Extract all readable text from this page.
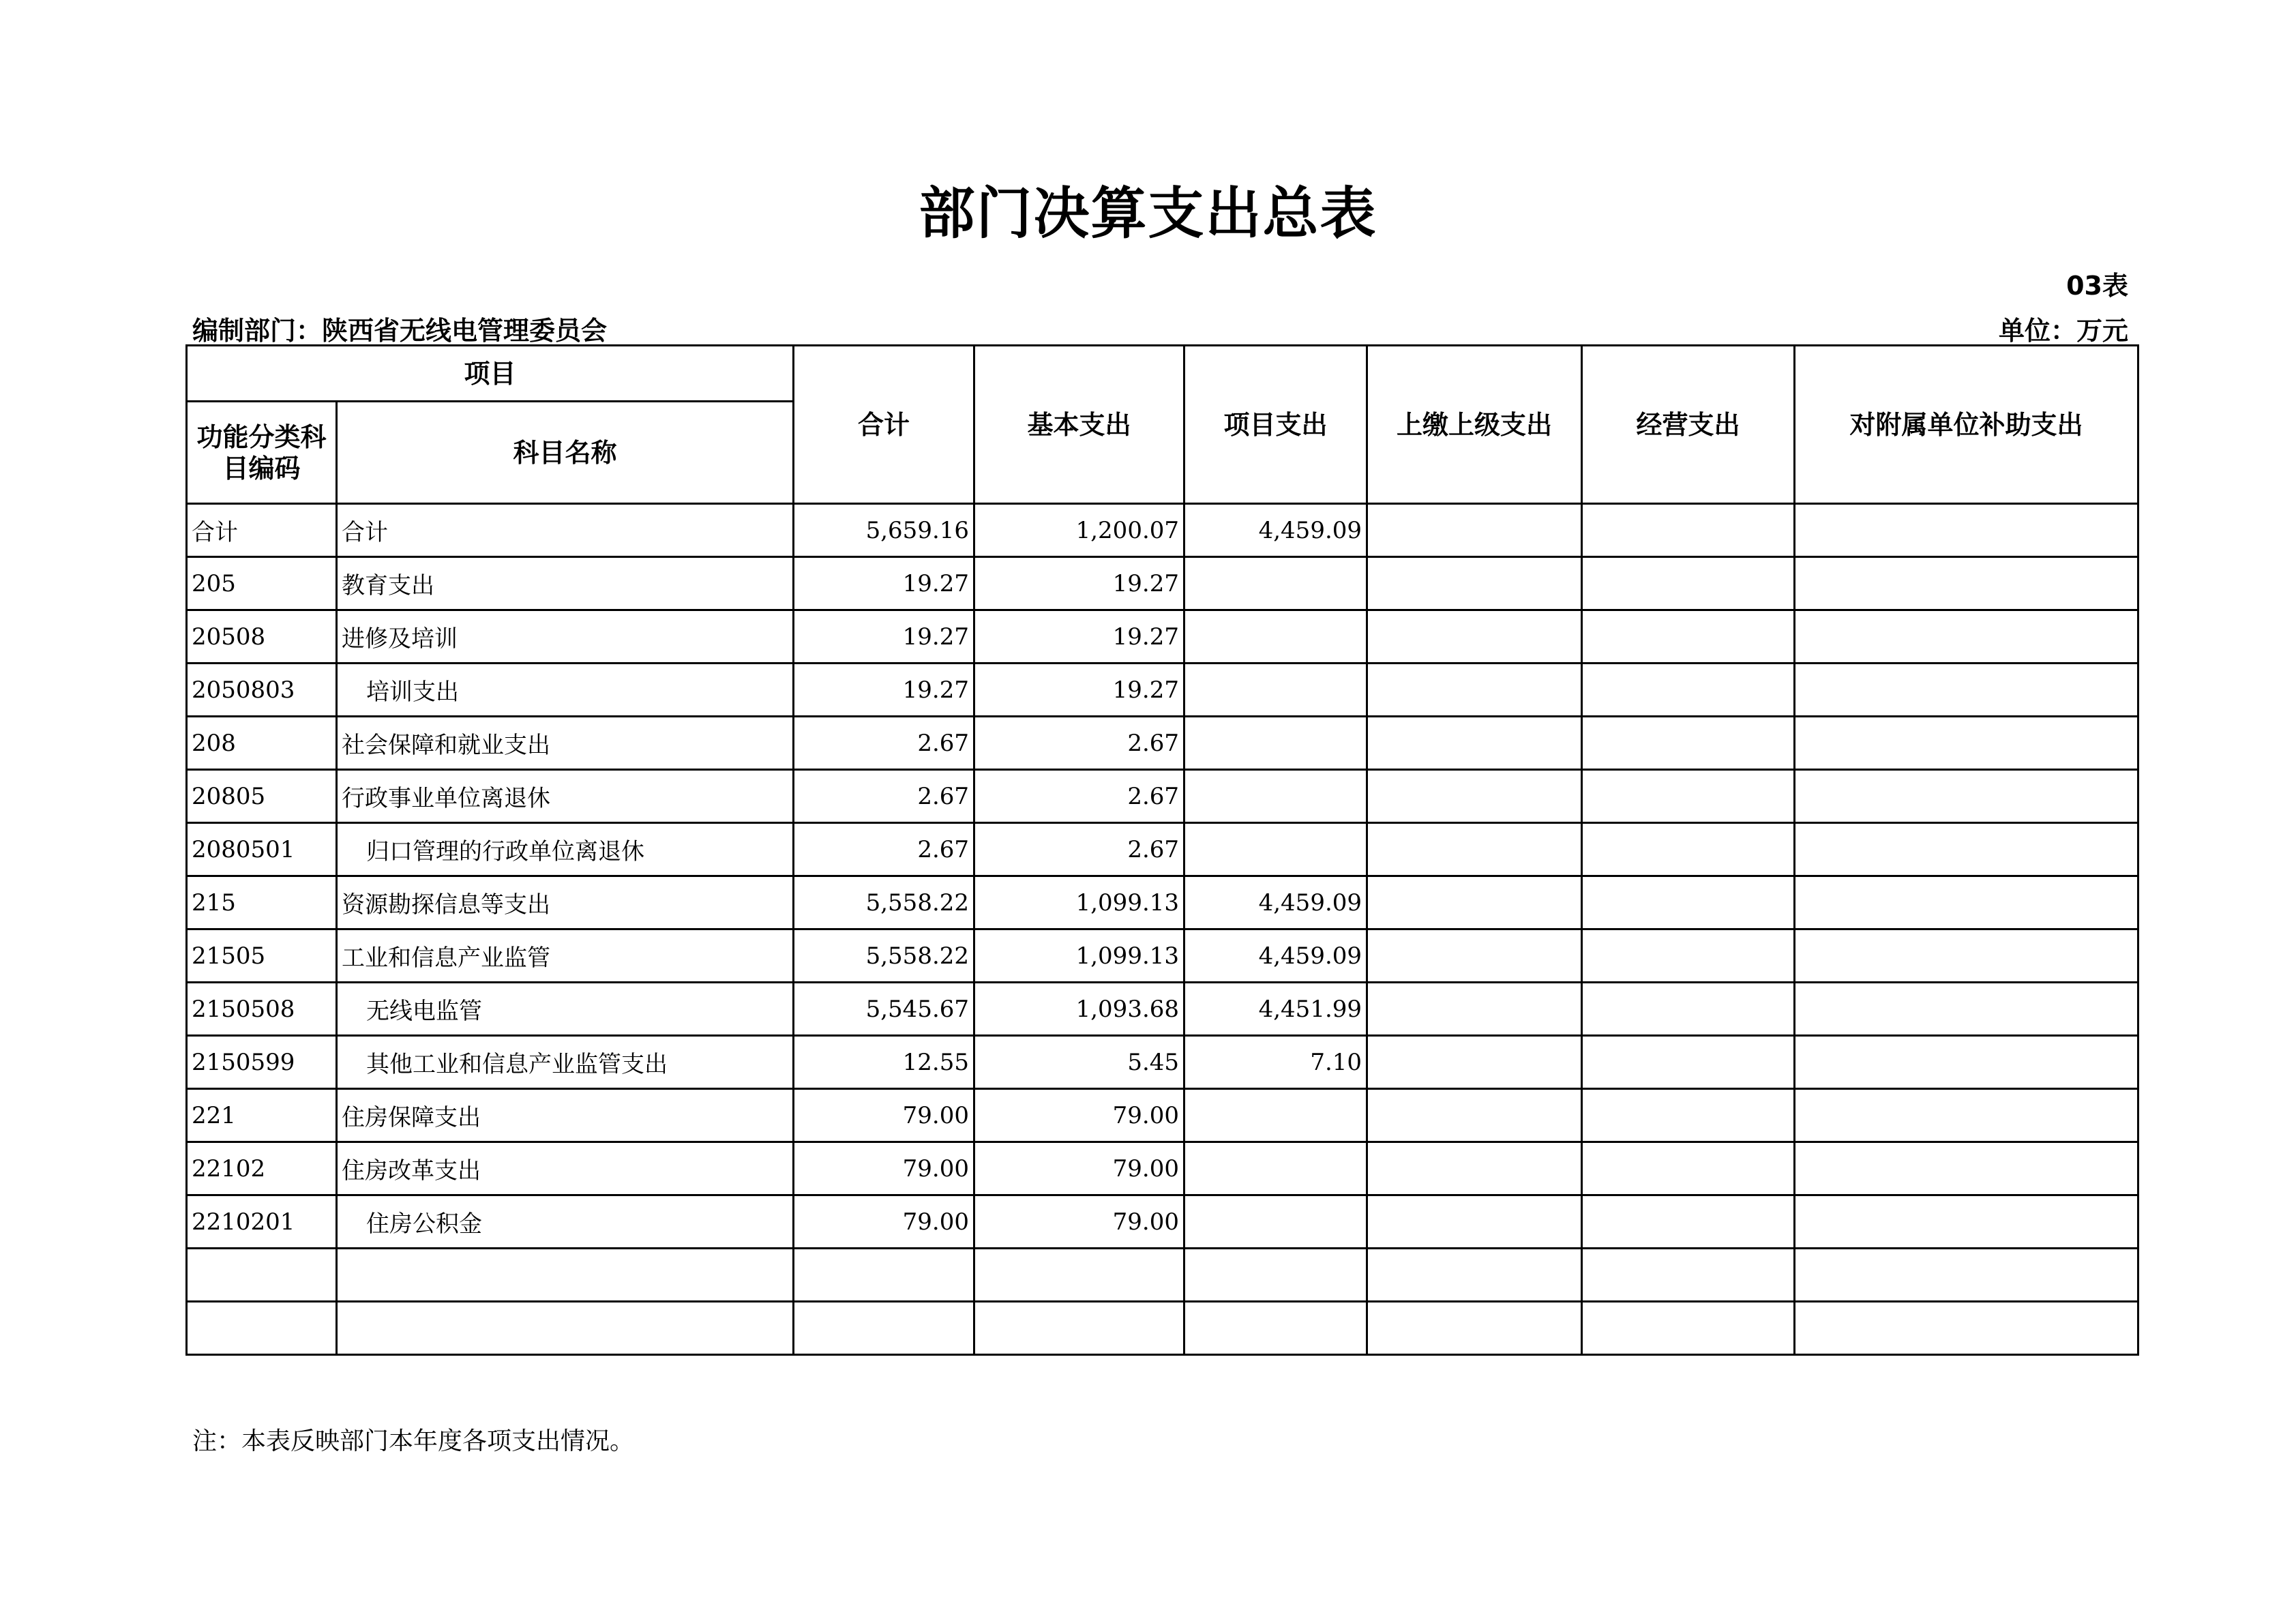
部门决算支出总表
03表
编制部门：陕西省无线电管理委员会	单位：万元
项目		合计	基本支出	项目支出	上缴上级支出	经营支出	对附属单位补助支出
功能分类科目编码	科目名称						
合计	合计	5,659.16	1,200.07	4,459.09			
205	教育支出	19.27	19.27				
20508	进修及培训	19.27	19.27				
2050803	培训支出	19.27	19.27				
208	社会保障和就业支出	2.67	2.67				
20805	行政事业单位离退休	2.67	2.67				
2080501	归口管理的行政单位离退休	2.67	2.67				
215	资源勘探信息等支出	5,558.22	1,099.13	4,459.09			
21505	工业和信息产业监管	5,558.22	1,099.13	4,459.09			
2150508	无线电监管	5,545.67	1,093.68	4,451.99			
2150599	其他工业和信息产业监管支出	12.55	5.45	7.10			
221	住房保障支出	79.00	79.00				
22102	住房改革支出	79.00	79.00				
2210201	住房公积金	79.00	79.00				

注：本表反映部门本年度各项支出情况。
